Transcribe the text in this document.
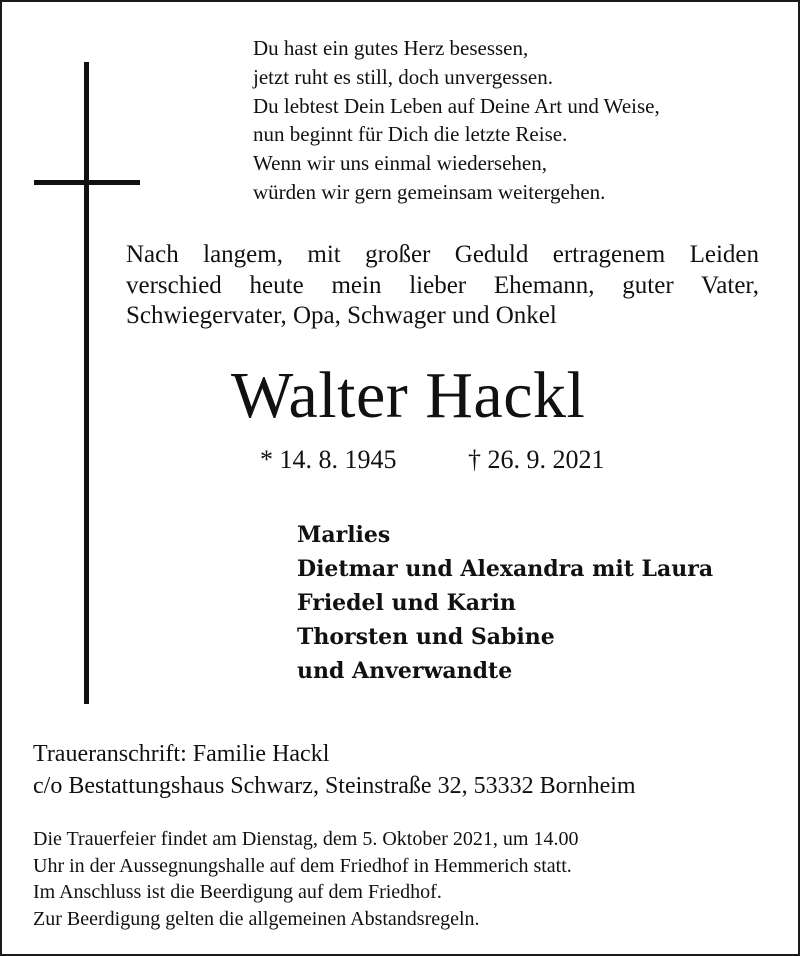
Du hast ein gutes Herz besessen,
jetzt ruht es still, doch unvergessen.
Du lebtest Dein Leben auf Deine Art und Weise,
nun beginnt für Dich die letzte Reise.
Wenn wir uns einmal wiedersehen,
würden wir gern gemeinsam weitergehen.
Nach langem, mit großer Geduld ertragenem Leiden
verschied heute mein lieber Ehemann, guter Vater,
Schwiegervater, Opa, Schwager und Onkel
Walter Hackl
* 14. 8. 1945	† 26. 9. 2021
Marlies
Dietmar und Alexandra mit Laura
Friedel und Karin
Thorsten und Sabine
und Anverwandte
Traueranschrift: Familie Hackl
c/o Bestattungshaus Schwarz, Steinstraße 32, 53332 Bornheim
Die Trauerfeier findet am Dienstag, dem 5. Oktober 2021, um 14.00
Uhr in der Aussegnungshalle auf dem Friedhof in Hemmerich statt.
Im Anschluss ist die Beerdigung auf dem Friedhof.
Zur Beerdigung gelten die allgemeinen Abstandsregeln.
